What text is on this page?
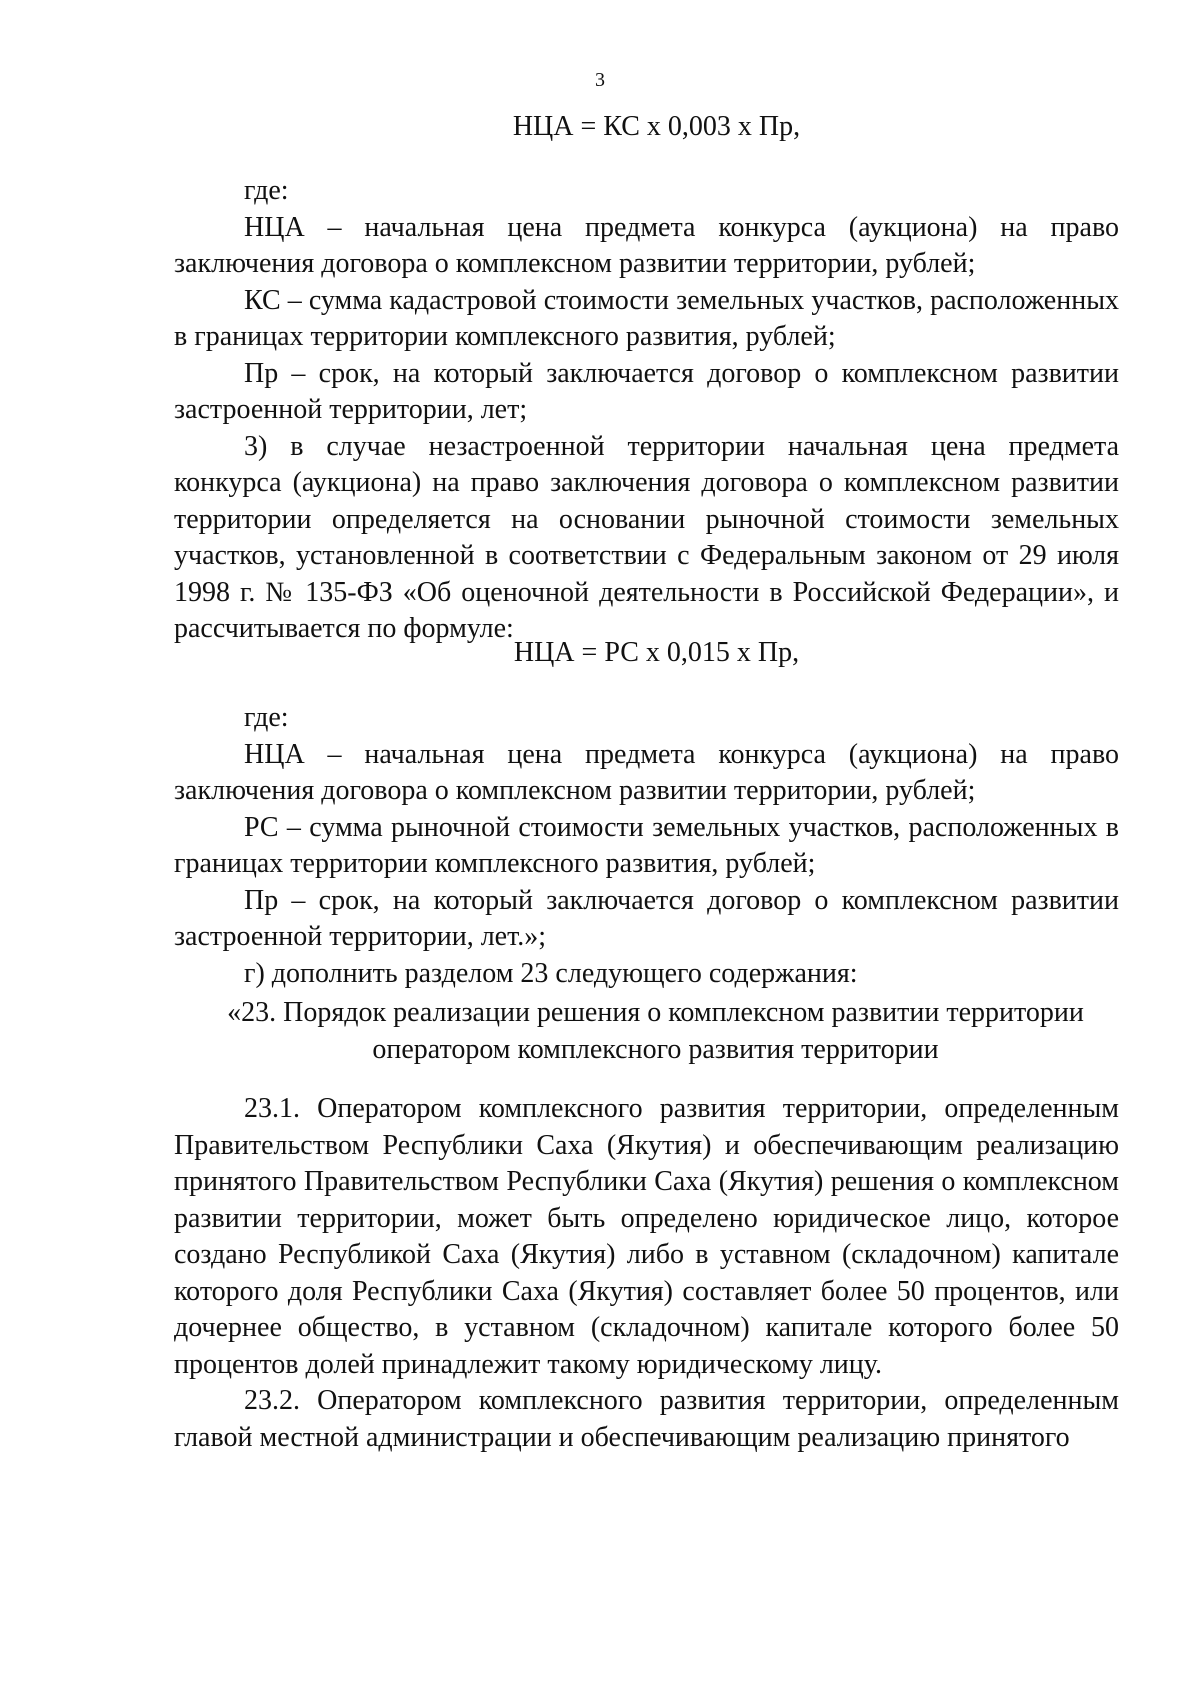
3

НЦА = КС х 0,003 х Пр,

где:

НЦА – начальная цена предмета конкурса (аукциона) на право заключения договора о комплексном развитии территории, рублей;

КС – сумма кадастровой стоимости земельных участков, расположенных в границах территории комплексного развития, рублей;

Пр – срок, на который заключается договор о комплексном развитии застроенной территории, лет;

3) в случае незастроенной территории начальная цена предмета конкурса (аукциона) на право заключения договора о комплексном развитии территории определяется на основании рыночной стоимости земельных участков, установленной в соответствии с Федеральным законом от 29 июля 1998 г. № 135-ФЗ «Об оценочной деятельности в Российской Федерации», и рассчитывается по формуле:

НЦА = РС х 0,015 х Пр,

где:

НЦА – начальная цена предмета конкурса (аукциона) на право заключения договора о комплексном развитии территории, рублей;

РС – сумма рыночной стоимости земельных участков, расположенных в границах территории комплексного развития, рублей;

Пр – срок, на который заключается договор о комплексном развитии застроенной территории, лет.»;

г) дополнить разделом 23 следующего содержания:

«23. Порядок реализации решения о комплексном развитии территории

оператором комплексного развития территории

23.1. Оператором комплексного развития территории, определенным Правительством Республики Саха (Якутия) и обеспечивающим реализацию принятого Правительством Республики Саха (Якутия) решения о комплексном развитии территории, может быть определено юридическое лицо, которое создано Республикой Саха (Якутия) либо в уставном (складочном) капитале которого доля Республики Саха (Якутия) составляет более 50 процентов, или дочернее общество, в уставном (складочном) капитале которого более 50 процентов долей принадлежит такому юридическому лицу.

23.2. Оператором комплексного развития территории, определенным главой местной администрации и обеспечивающим реализацию принятого
